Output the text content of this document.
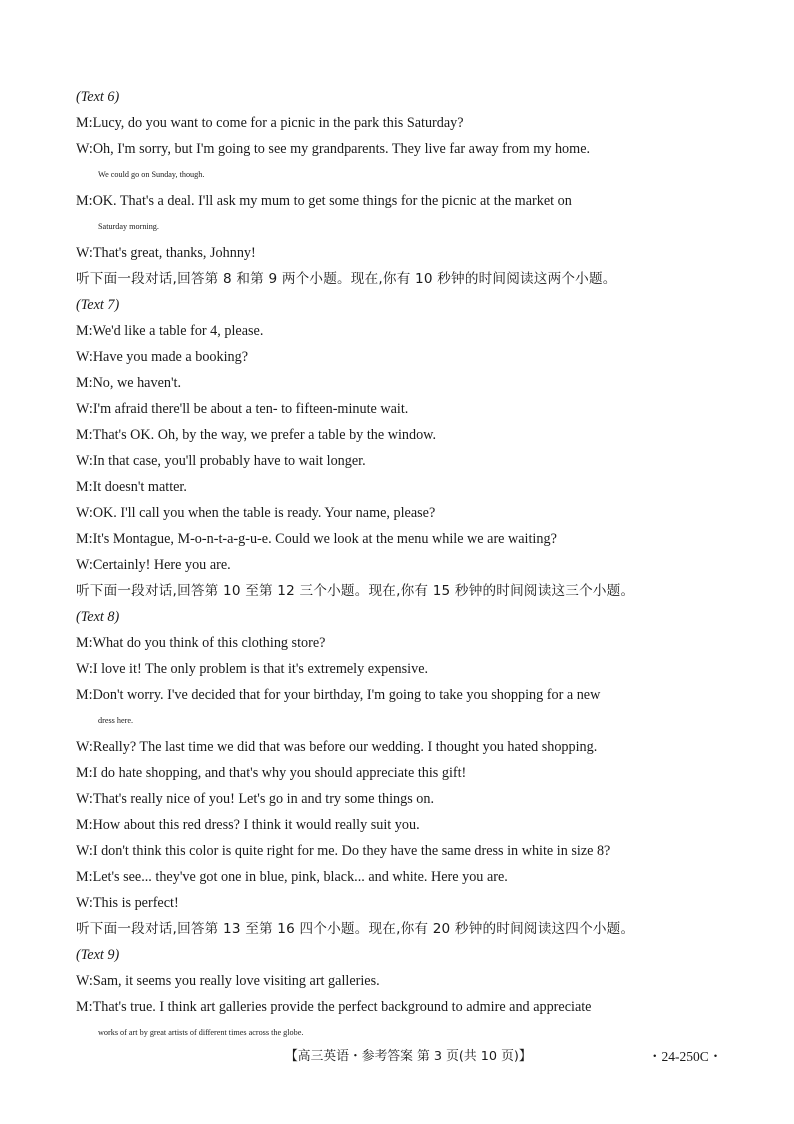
(Text 6)
M:Lucy, do you want to come for a picnic in the park this Saturday?
W:Oh, I'm sorry, but I'm going to see my grandparents. They live far away from my home.
We could go on Sunday, though.
M:OK. That's a deal. I'll ask my mum to get some things for the picnic at the market on
Saturday morning.
W:That's great, thanks, Johnny!
听下面一段对话,回答第 8 和第 9 两个小题。现在,你有 10 秒钟的时间阅读这两个小题。
(Text 7)
M:We'd like a table for 4, please.
W:Have you made a booking?
M:No, we haven't.
W:I'm afraid there'll be about a ten- to fifteen-minute wait.
M:That's OK. Oh, by the way, we prefer a table by the window.
W:In that case, you'll probably have to wait longer.
M:It doesn't matter.
W:OK. I'll call you when the table is ready. Your name, please?
M:It's Montague, M-o-n-t-a-g-u-e. Could we look at the menu while we are waiting?
W:Certainly! Here you are.
听下面一段对话,回答第 10 至第 12 三个小题。现在,你有 15 秒钟的时间阅读这三个小题。
(Text 8)
M:What do you think of this clothing store?
W:I love it! The only problem is that it's extremely expensive.
M:Don't worry. I've decided that for your birthday, I'm going to take you shopping for a new
dress here.
W:Really? The last time we did that was before our wedding. I thought you hated shopping.
M:I do hate shopping, and that's why you should appreciate this gift!
W:That's really nice of you! Let's go in and try some things on.
M:How about this red dress? I think it would really suit you.
W:I don't think this color is quite right for me. Do they have the same dress in white in size 8?
M:Let's see... they've got one in blue, pink, black... and white. Here you are.
W:This is perfect!
听下面一段对话,回答第 13 至第 16 四个小题。现在,你有 20 秒钟的时间阅读这四个小题。
(Text 9)
W:Sam, it seems you really love visiting art galleries.
M:That's true. I think art galleries provide the perfect background to admire and appreciate
works of art by great artists of different times across the globe.
【高三英语・参考答案 第 3 页(共 10 页)】	・24-250C・
